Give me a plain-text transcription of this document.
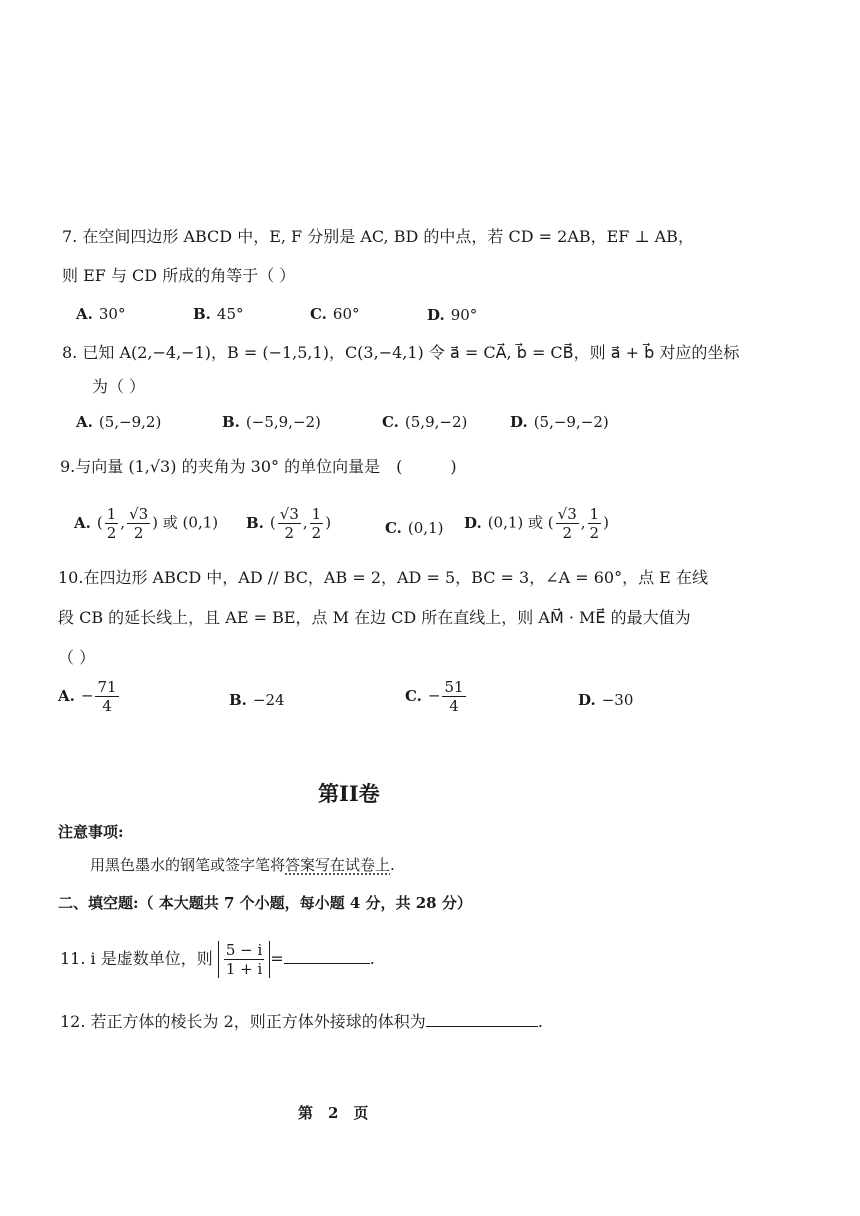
7. 在空间四边形 ABCD 中，E, F 分别是 AC, BD 的中点，若 CD = 2AB，EF ⊥ AB，
则 EF 与 CD 所成的角等于（ ）
A. 30°	B. 45°	C. 60°	D. 90°
8. 已知 A(2,−4,−1)，B = (−1,5,1)，C(3,−4,1) 令 a⃗ = CA⃗, b⃗ = CB⃗，则 a⃗ + b⃗ 对应的坐标
为（ ）
A. (5,−9,2)	B. (−5,9,−2)	C. (5,9,−2)	D. (5,−9,−2)
9.与向量 (1,√3) 的夹角为 30° 的单位向量是　(　　　)
A. ( $\frac{1}{2}$ , $\frac{√3}{2}$ ) 或 (0,1) B. ( $\frac{√3}{2}$ , $\frac{1}{2}$ )	C. (0,1) D. (0,1) 或 ( $\frac{√3}{2}$ , $\frac{1}{2}$ )
10.在四边形 ABCD 中，AD // BC，AB = 2，AD = 5，BC = 3，∠A = 60°，点 E 在线
段 CB 的延长线上，且 AE = BE，点 M 在边 CD 所在直线上，则 AM⃗ · ME⃗ 的最大值为
（ ）
A. − $\frac{71}{4}$	B. −24	C. − $\frac{51}{4}$	D. −30
第II卷
注意事项:
用黑色墨水的钢笔或签字笔将答案写在试卷上.
二、填空题:（ 本大题共 7 个小题，每小题 4 分，共 28 分）
11. i 是虚数单位，则 $\frac{5 - i}{1 + i}$ =	.
12. 若正方体的棱长为 2，则正方体外接球的体积为	.
第　2　页
